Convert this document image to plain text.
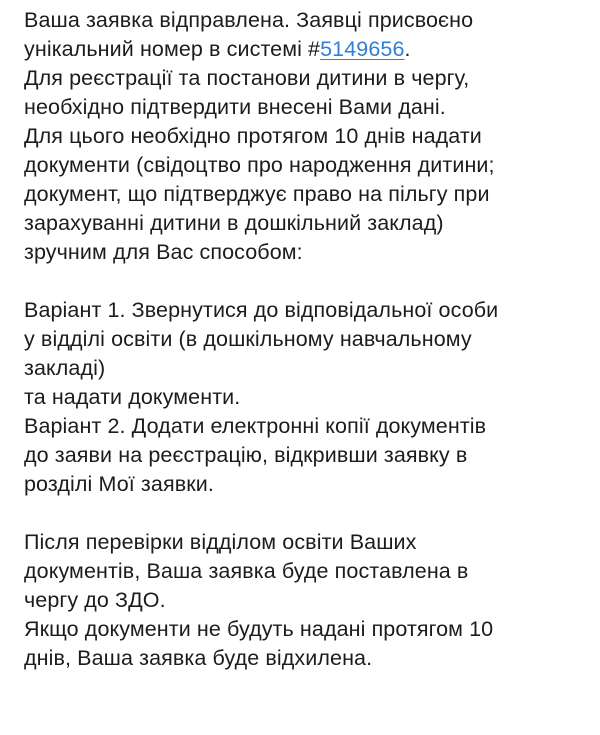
Ваша заявка відправлена. Заявці присвоєно
унікальний номер в системі #5149656.
Для реєстрації та постанови дитини в чергу,
необхідно підтвердити внесені Вами дані.
Для цього необхідно протягом 10 днів надати
документи (свідоцтво про народження дитини;
документ, що підтверджує право на пільгу при
зарахуванні дитини в дошкільний заклад)
зручним для Вас способом:
Варіант 1. Звернутися до відповідальної особи
у відділі освіти (в дошкільному навчальному
закладі)
та надати документи.
Варіант 2. Додати електронні копії документів
до заяви на реєстрацію, відкривши заявку в
розділі Мої заявки.
Після перевірки відділом освіти Ваших
документів, Ваша заявка буде поставлена в
чергу до ЗДО.
Якщо документи не будуть надані протягом 10
днів, Ваша заявка буде відхилена.
